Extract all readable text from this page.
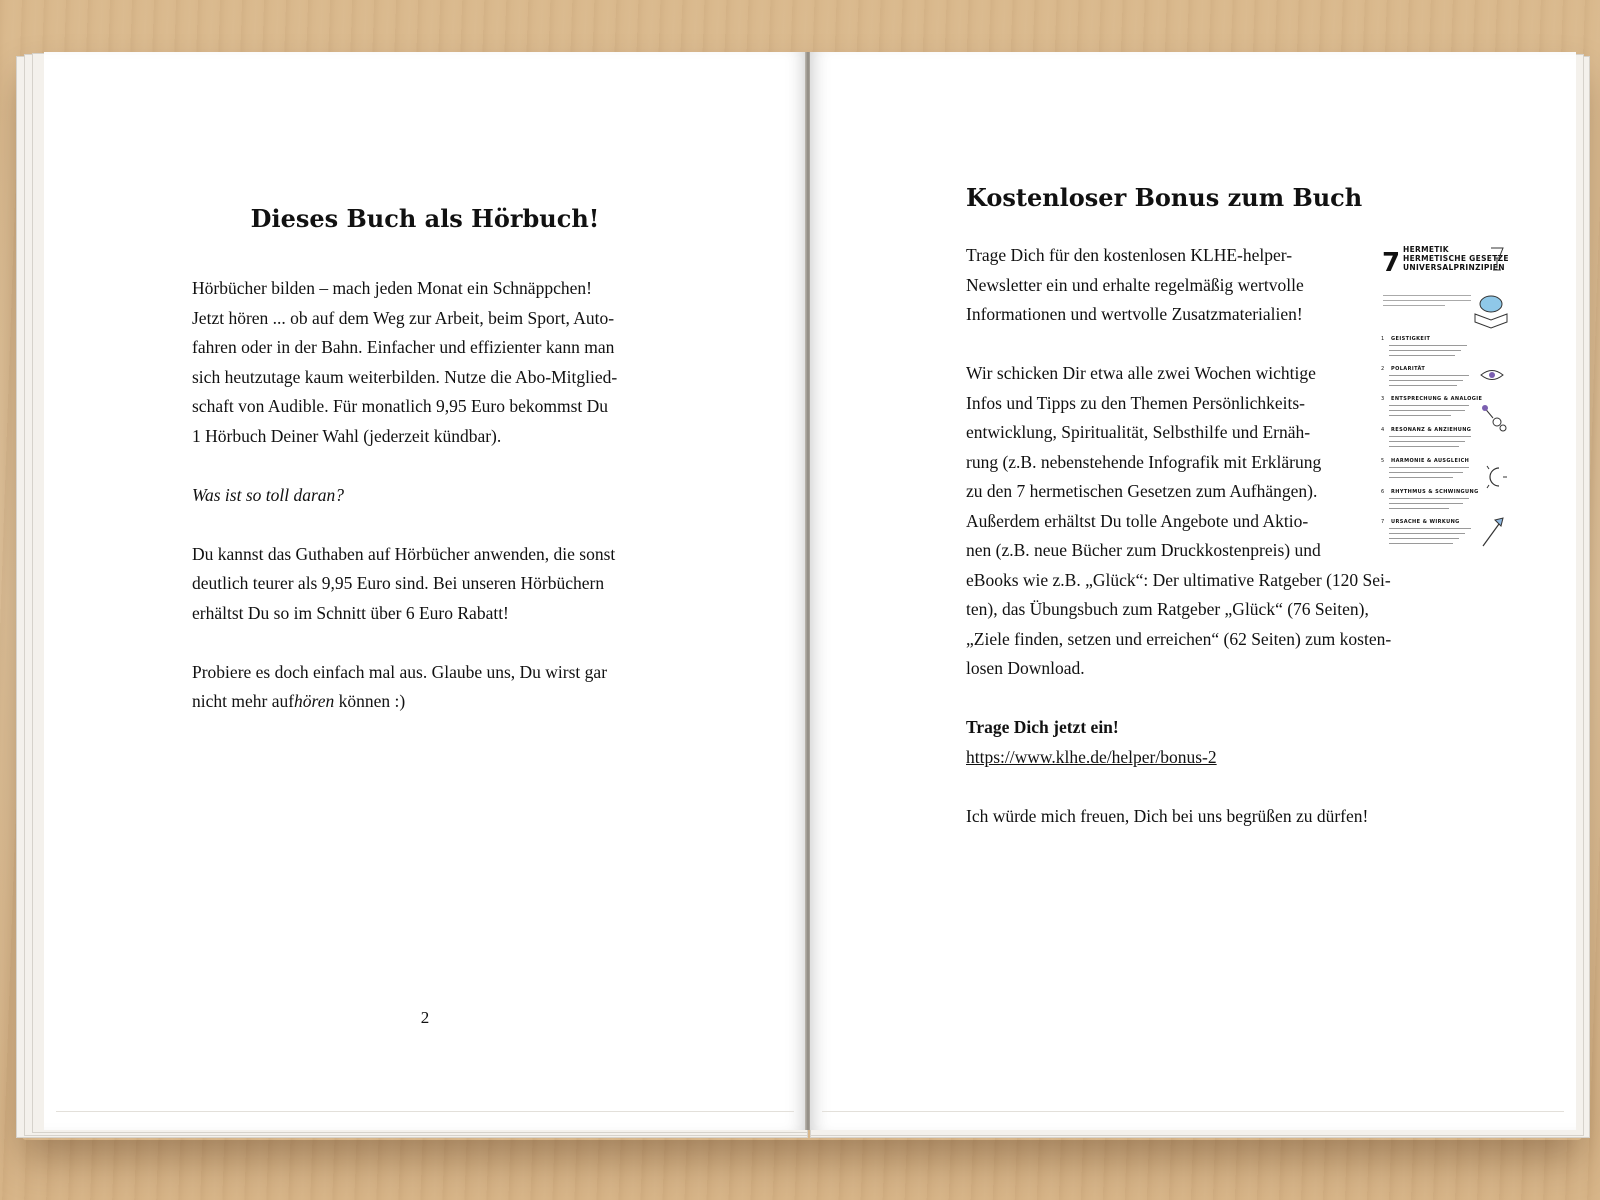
Dieses Buch als Hörbuch!

Hörbücher bilden – mach jeden Monat ein Schnäppchen!
Jetzt hören ... ob auf dem Weg zur Arbeit, beim Sport, Auto-
fahren oder in der Bahn. Einfacher und effizienter kann man
sich heutzutage kaum weiterbilden. Nutze die Abo-Mitglied-
schaft von Audible. Für monatlich 9,95 Euro bekommst Du
1 Hörbuch Deiner Wahl (jederzeit kündbar).

Was ist so toll daran?

Du kannst das Guthaben auf Hörbücher anwenden, die sonst
deutlich teurer als 9,95 Euro sind. Bei unseren Hörbüchern
erhältst Du so im Schnitt über 6 Euro Rabatt!

Probiere es doch einfach mal aus. Glaube uns, Du wirst gar
nicht mehr aufhören können :)

2
Kostenloser Bonus zum Buch

Trage Dich für den kostenlosen KLHE-helper-
Newsletter ein und erhalte regelmäßig wertvolle
Informationen und wertvolle Zusatzmaterialien!

Wir schicken Dir etwa alle zwei Wochen wichtige
Infos und Tipps zu den Themen Persönlichkeits-
entwicklung, Spiritualität, Selbsthilfe und Ernäh-
rung (z.B. nebenstehende Infografik mit Erklärung
zu den 7 hermetischen Gesetzen zum Aufhängen).
Außerdem erhältst Du tolle Angebote und Aktio-
nen (z.B. neue Bücher zum Druckkostenpreis) und
eBooks wie z.B. „Glück“: Der ultimative Ratgeber (120 Sei-
ten), das Übungsbuch zum Ratgeber „Glück“ (76 Seiten),
„Ziele finden, setzen und erreichen“ (62 Seiten) zum kosten-
losen Download.

Trage Dich jetzt ein!
https://www.klhe.de/helper/bonus-2

Ich würde mich freuen, Dich bei uns begrüßen zu dürfen!

7 HERMETIK
HERMETISCHE GESETZE
UNIVERSALPRINZIPIEN
1 GEISTIGKEIT
2 POLARITÄT
3 ENTSPRECHUNG & ANALOGIE
4 RESONANZ & ANZIEHUNG
5 HARMONIE & AUSGLEICH
6 RHYTHMUS & SCHWINGUNG
7 URSACHE & WIRKUNG
